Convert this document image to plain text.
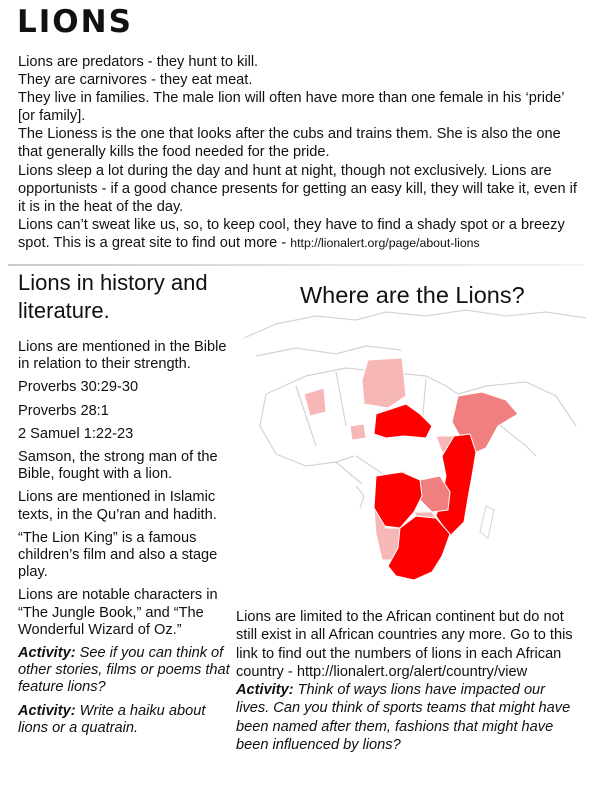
LIONS

Lions are predators - they hunt to kill.

They are carnivores - they eat meat.

They live in families. The male lion will often have more than one female in his ‘pride’ [or family].

The Lioness is the one that looks after the cubs and trains them. She is also the one that generally kills the food needed for the pride.

Lions sleep a lot during the day and hunt at night, though not exclusively. Lions are opportunists - if a good chance presents for getting an easy kill, they will take it, even if it is in the heat of the day.

Lions can’t sweat like us, so, to keep cool, they have to find a shady spot or a breezy spot. This is a great site to find out more - http://lionalert.org/page/about-lions

Lions in history and literature.

Lions are mentioned in the Bible in relation to their strength.

Proverbs 30:29-30

Proverbs 28:1

2 Samuel 1:22-23

Samson, the strong man of the Bible, fought with a lion.

Lions are mentioned in Islamic texts, in the Qu’ran and hadith.

“The Lion King” is a famous children’s film and also a stage play.

Lions are notable characters in “The Jungle Book,” and “The Wonderful Wizard of Oz.”

Activity: See if you can think of other stories, films or poems that feature lions?

Activity: Write a haiku about lions or a quatrain.

Where are the Lions?

Lions are limited to the African continent but do not still exist in all African countries any more. Go to this link to find out the numbers of lions in each African country - http://lionalert.org/alert/country/view

Activity: Think of ways lions have impacted our lives. Can you think of sports teams that might have been named after them, fashions that might have been influenced by lions?
